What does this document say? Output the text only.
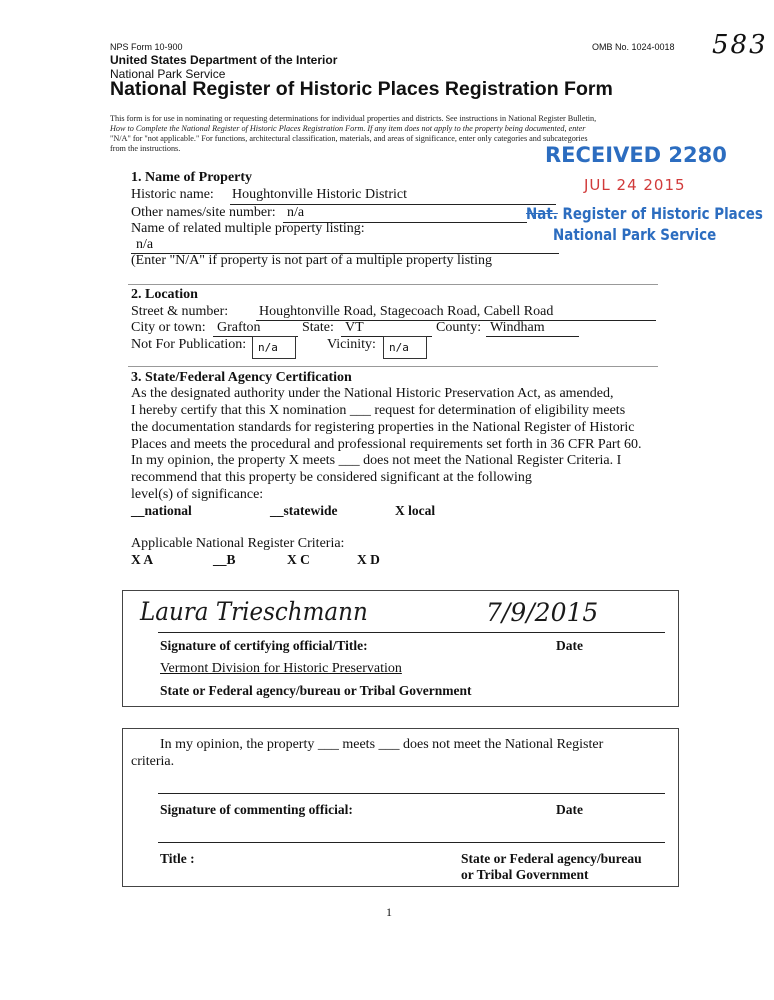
NPS Form 10-900	OMB No. 1024-0018 583
United States Department of the Interior
National Park Service
National Register of Historic Places Registration Form
This form is for use in nominating or requesting determinations for individual properties and districts. See instructions in National Register Bulletin,
How to Complete the National Register of Historic Places Registration Form. If any item does not apply to the property being documented, enter
"N/A" for "not applicable." For functions, architectural classification, materials, and areas of significance, enter only categories and subcategories
from the instructions.	RECEIVED 2280
JUL 24 2015
Nat. Register of Historic Places
National Park Service
1. Name of Property
Historic name: Houghtonville Historic District
Other names/site number: n/a
Name of related multiple property listing:
n/a
(Enter "N/A" if property is not part of a multiple property listing
2. Location
Street & number: Houghtonville Road, Stagecoach Road, Cabell Road
City or town: Grafton	State: VT	County: Windham
Not For Publication:	n/a	Vicinity:	n/a
3. State/Federal Agency Certification
As the designated authority under the National Historic Preservation Act, as amended,
I hereby certify that this X nomination ___ request for determination of eligibility meets
the documentation standards for registering properties in the National Register of Historic
Places and meets the procedural and professional requirements set forth in 36 CFR Part 60.
In my opinion, the property X meets ___ does not meet the National Register Criteria. I
recommend that this property be considered significant at the following
level(s) of significance:
__national	__statewide	X local
Applicable National Register Criteria:
X A	__B	X C	X D
Laura Trieschmann	7/9/2015
Signature of certifying official/Title:	Date
Vermont Division for Historic Preservation
State or Federal agency/bureau or Tribal Government
In my opinion, the property ___ meets ___ does not meet the National Register
criteria.
Signature of commenting official:	Date
Title :	State or Federal agency/bureau
or Tribal Government
1
